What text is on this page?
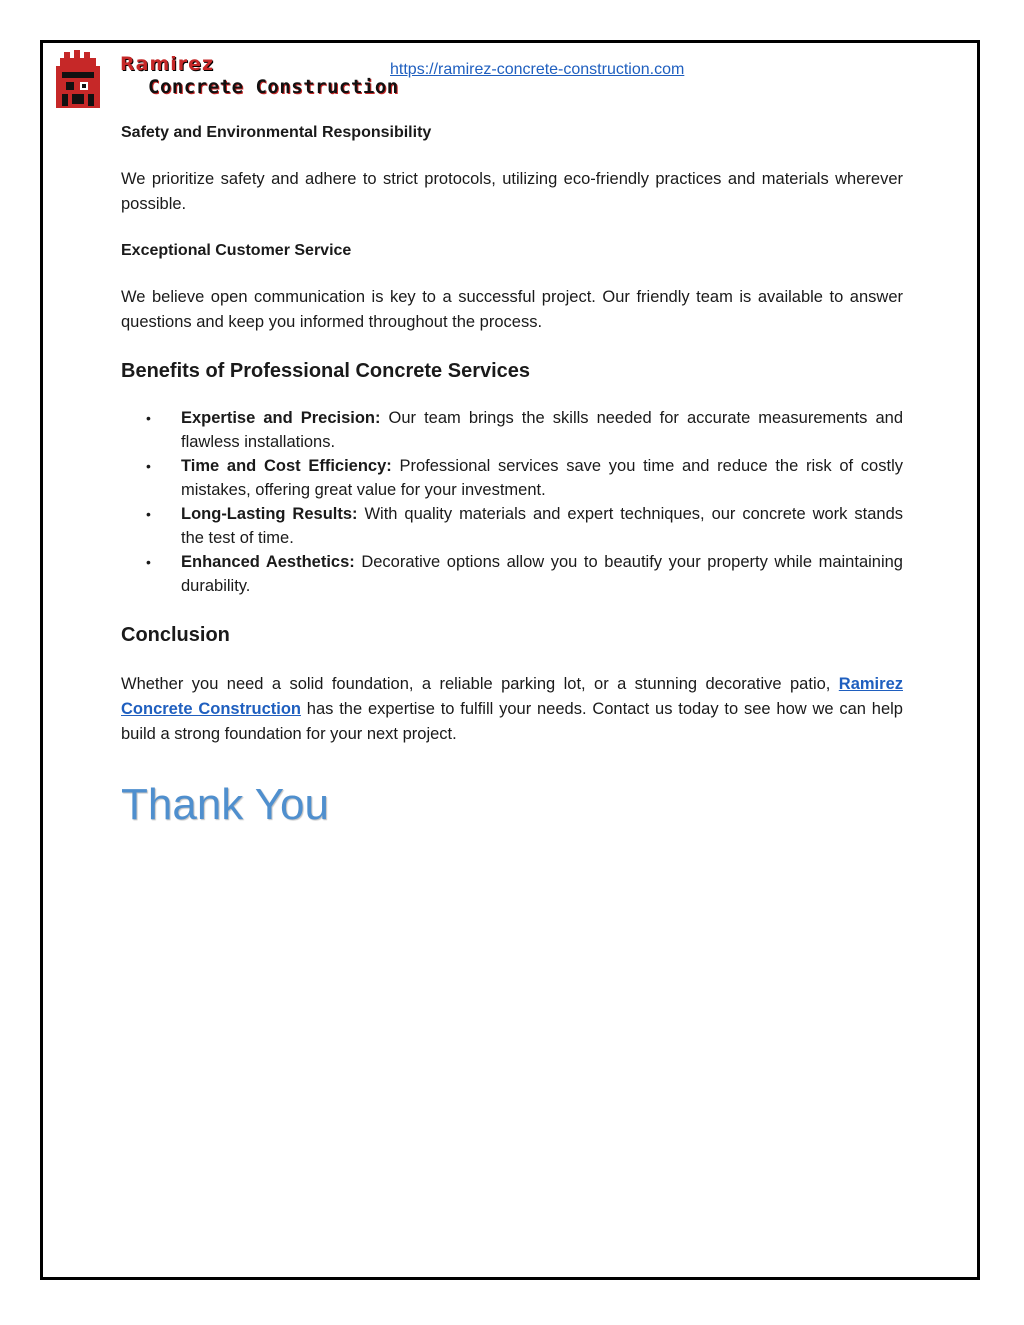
Ramirez
Concrete Construction
https://ramirez-concrete-construction.com

Safety and Environmental Responsibility

We prioritize safety and adhere to strict protocols, utilizing eco-friendly practices and materials wherever possible.

Exceptional Customer Service

We believe open communication is key to a successful project. Our friendly team is available to answer questions and keep you informed throughout the process.

Benefits of Professional Concrete Services
• Expertise and Precision: Our team brings the skills needed for accurate measurements and flawless installations.
• Time and Cost Efficiency: Professional services save you time and reduce the risk of costly mistakes, offering great value for your investment.
• Long-Lasting Results: With quality materials and expert techniques, our concrete work stands the test of time.
• Enhanced Aesthetics: Decorative options allow you to beautify your property while maintaining durability.
Conclusion

Whether you need a solid foundation, a reliable parking lot, or a stunning decorative patio, Ramirez Concrete Construction has the expertise to fulfill your needs. Contact us today to see how we can help build a strong foundation for your next project.

Thank You
